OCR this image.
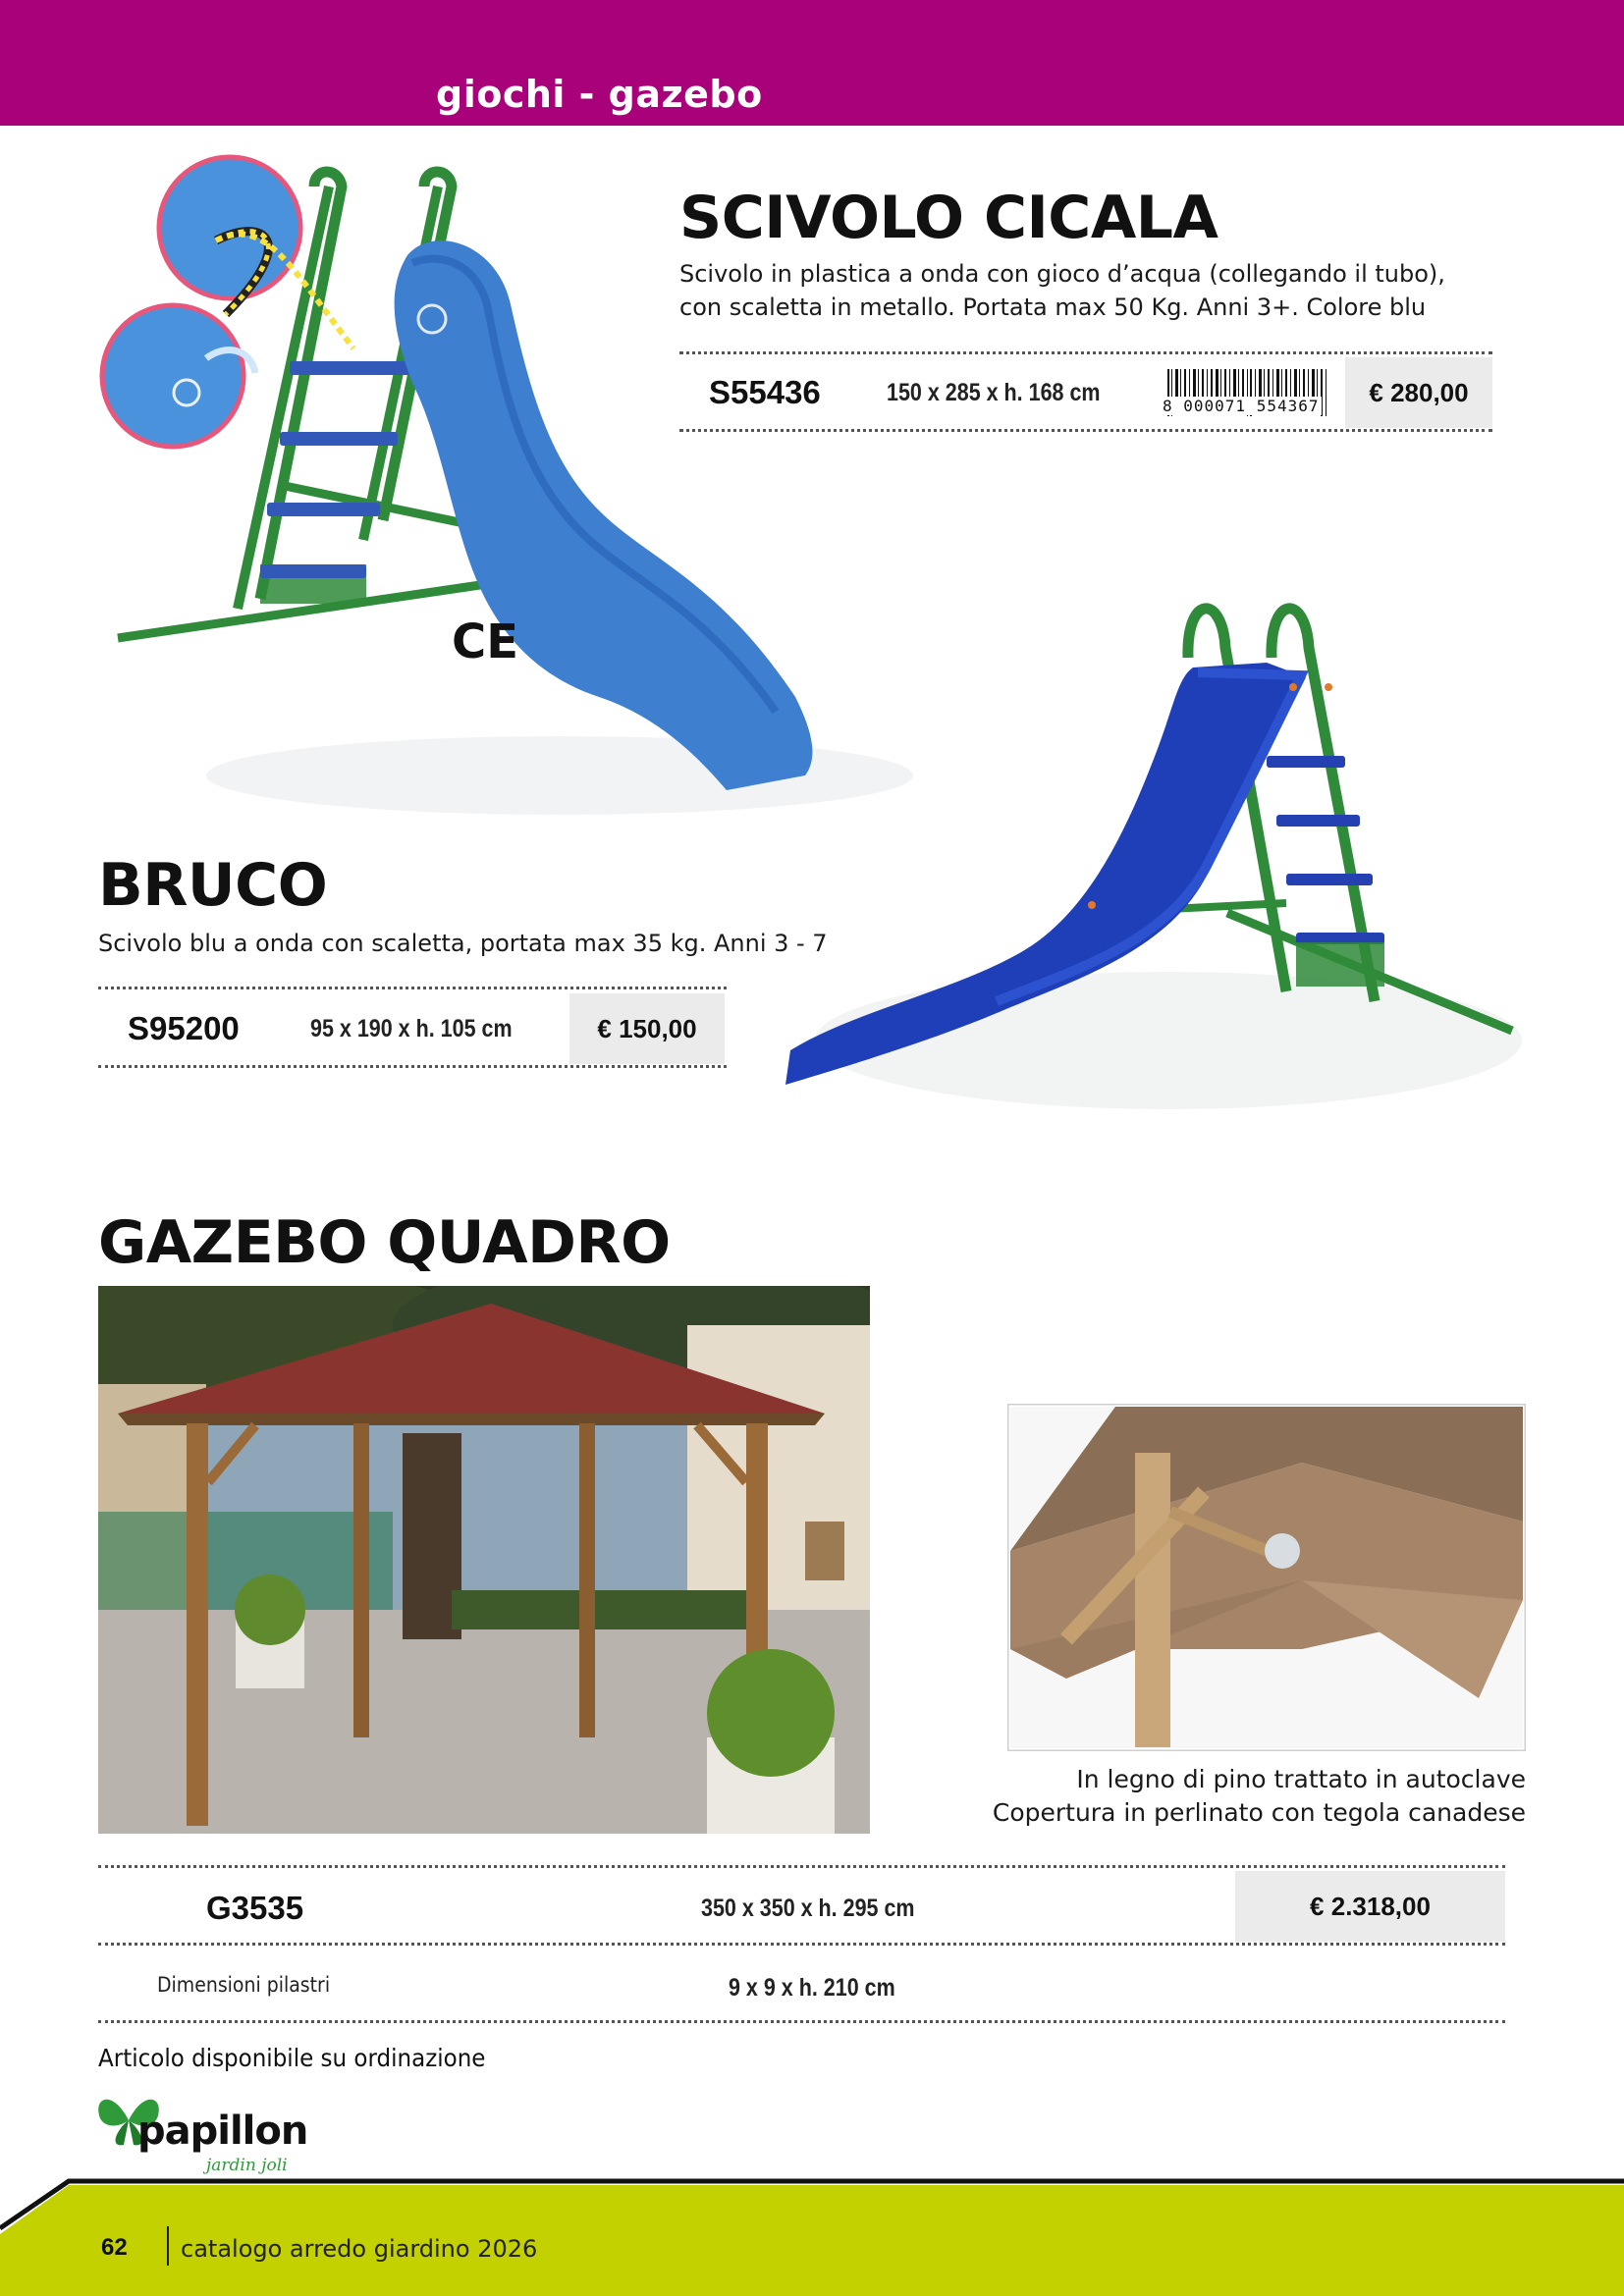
giochi - gazebo
CE
SCIVOLO CICALA
Scivolo in plastica a onda con gioco d’acqua (collegando il tubo),
con scaletta in metallo. Portata max 50 Kg. Anni 3+. Colore blu
S55436	150 x 285 x h. 168 cm	8 000071 554367 € 280,00
BRUCO
Scivolo blu a onda con scaletta, portata max 35 kg. Anni 3 - 7
S95200	95 x 190 x h. 105 cm	€ 150,00
GAZEBO QUADRO
In legno di pino trattato in autoclave
Copertura in perlinato con tegola canadese
G3535	350 x 350 x h. 295 cm	€ 2.318,00
Dimensioni pilastri	9 x 9 x h. 210 cm
Articolo disponibile su ordinazione
papillon
jardin joli
62 catalogo arredo giardino 2026
